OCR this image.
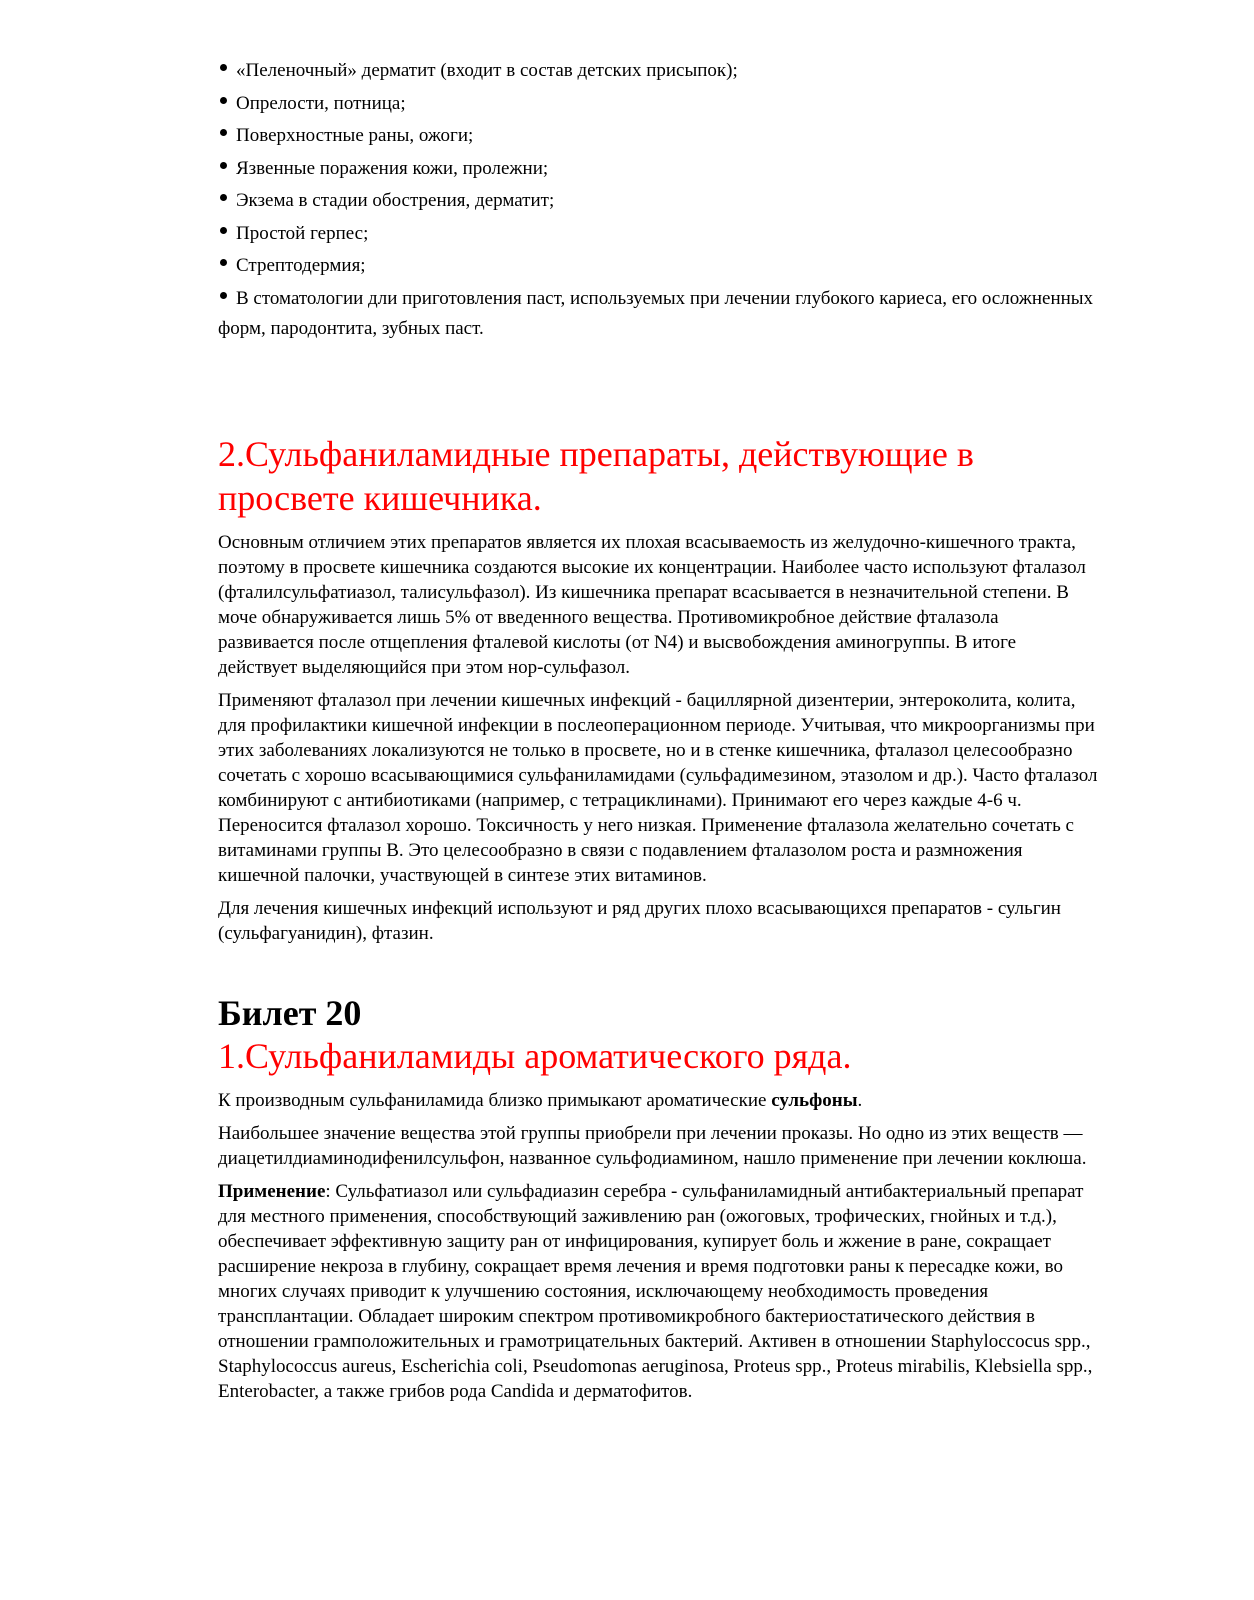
«Пеленочный» дерматит (входит в состав детских присыпок);
Опрелости, потница;
Поверхностные раны, ожоги;
Язвенные поражения кожи, пролежни;
Экзема в стадии обострения, дерматит;
Простой герпес;
Стрептодермия;
В стоматологии дли приготовления паст, используемых при лечении глубокого кариеса, его осложненных форм, пародонтита, зубных паст.
2.Сульфаниламидные препараты, действующие в просвете кишечника.

Основным отличием этих препаратов является их плохая всасываемость из желудочно-кишечного тракта, поэтому в просвете кишечника создаются высокие их концентрации. Наиболее часто используют фталазол (фталилсульфатиазол, талисульфазол). Из кишечника препарат всасывается в незначительной степени. В моче обнаруживается лишь 5% от введенного вещества. Противомикробное действие фталазола развивается после отщепления фталевой кислоты (от N4) и высвобождения аминогруппы. В итоге действует выделяющийся при этом нор-сульфазол.

Применяют фталазол при лечении кишечных инфекций - бациллярной дизентерии, энтероколита, колита, для профилактики кишечной инфекции в послеоперационном периоде. Учитывая, что микроорганизмы при этих заболеваниях локализуются не только в просвете, но и в стенке кишечника, фталазол целесообразно сочетать с хорошо всасывающимися сульфаниламидами (сульфадимезином, этазолом и др.). Часто фталазол комбинируют с антибиотиками (например, с тетрациклинами). Принимают его через каждые 4-6 ч. Переносится фталазол хорошо. Токсичность у него низкая. Применение фталазола желательно сочетать с витаминами группы В. Это целесообразно в связи с подавлением фталазолом роста и размножения кишечной палочки, участвующей в синтезе этих витаминов.

Для лечения кишечных инфекций используют и ряд других плохо всасывающихся препаратов - сульгин (сульфагуанидин), фтазин.

Билет 20
1.Сульфаниламиды ароматического ряда.

К производным сульфаниламида близко примыкают ароматические сульфоны.

Наибольшее значение вещества этой группы приобрели при лечении проказы. Но одно из этих веществ — диацетилдиаминодифенилсульфон, названное сульфодиамином, нашло применение при лечении коклюша.

Применение: Сульфатиазол или сульфадиазин серебра - сульфаниламидный антибактериальный препарат для местного применения, способствующий заживлению ран (ожоговых, трофических, гнойных и т.д.), обеспечивает эффективную защиту ран от инфицирования, купирует боль и жжение в ране, сокращает расширение некроза в глубину, сокращает время лечения и время подготовки раны к пересадке кожи, во многих случаях приводит к улучшению состояния, исключающему необходимость проведения трансплантации. Обладает широким спектром противомикробного бактериостатического действия в отношении грамположительных и грамотрицательных бактерий. Активен в отношении Staphyloccocus spp., Staphylococcus aureus, Escherichia coli, Pseudomonas aeruginosa, Proteus spp., Proteus mirabilis, Klebsiella spp., Enterobacter, а также грибов рода Candida и дерматофитов.
